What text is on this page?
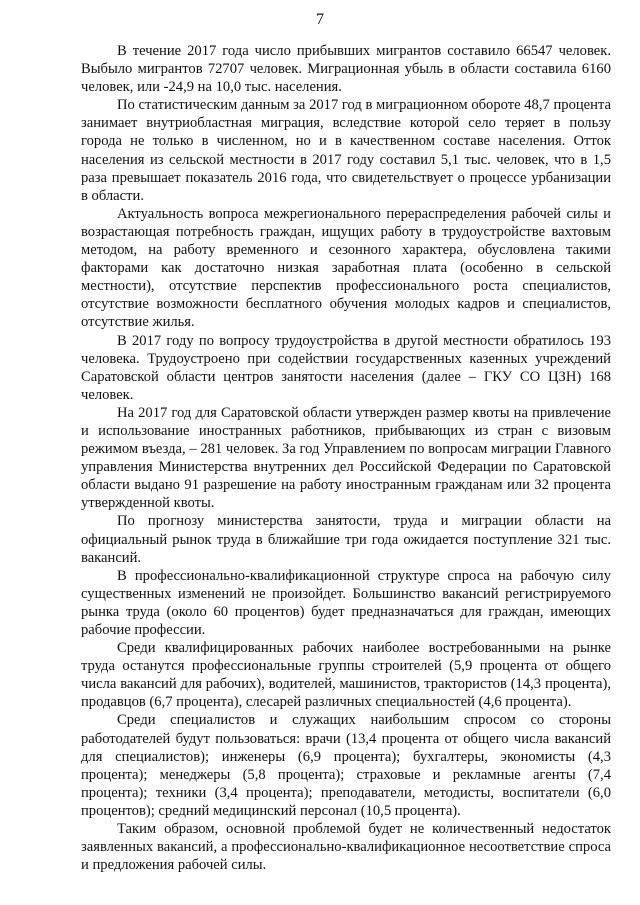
7

В течение 2017 года число прибывших мигрантов составило 66547 человек. Выбыло мигрантов 72707 человек. Миграционная убыль в области составила 6160 человек, или -24,9 на 10,0 тыс. населения.

По статистическим данным за 2017 год в миграционном обороте 48,7 процента занимает внутриобластная миграция, вследствие которой село теряет в пользу города не только в численном, но и в качественном составе населения. Отток населения из сельской местности в 2017 году составил 5,1 тыс. человек, что в 1,5 раза превышает показатель 2016 года, что свидетельствует о процессе урбанизации в области.

Актуальность вопроса межрегионального перераспределения рабочей силы и возрастающая потребность граждан, ищущих работу в трудоустройстве вахтовым методом, на работу временного и сезонного характера, обусловлена такими факторами как достаточно низкая заработная плата (особенно в сельской местности), отсутствие перспектив профессионального роста специалистов, отсутствие возможности бесплатного обучения молодых кадров и специалистов, отсутствие жилья.

В 2017 году по вопросу трудоустройства в другой местности обратилось 193 человека. Трудоустроено при содействии государственных казенных учреждений Саратовской области центров занятости населения (далее – ГКУ СО ЦЗН) 168 человек.

На 2017 год для Саратовской области утвержден размер квоты на привлечение и использование иностранных работников, прибывающих из стран с визовым режимом въезда, – 281 человек. За год Управлением по вопросам миграции Главного управления Министерства внутренних дел Российской Федерации по Саратовской области выдано 91 разрешение на работу иностранным гражданам или 32 процента утвержденной квоты.

По прогнозу министерства занятости, труда и миграции области на официальный рынок труда в ближайшие три года ожидается поступление 321 тыс. вакансий.

В профессионально-квалификационной структуре спроса на рабочую силу существенных изменений не произойдет. Большинство вакансий регистрируемого рынка труда (около 60 процентов) будет предназначаться для граждан, имеющих рабочие профессии.

Среди квалифицированных рабочих наиболее востребованными на рынке труда останутся профессиональные группы строителей (5,9 процента от общего числа вакансий для рабочих), водителей, машинистов, трактористов (14,3 процента), продавцов (6,7 процента), слесарей различных специальностей (4,6 процента).

Среди специалистов и служащих наибольшим спросом со стороны работодателей будут пользоваться: врачи (13,4 процента от общего числа вакансий для специалистов); инженеры (6,9 процента); бухгалтеры, экономисты (4,3 процента); менеджеры (5,8 процента); страховые и рекламные агенты (7,4 процента); техники (3,4 процента); преподаватели, методисты, воспитатели (6,0 процентов); средний медицинский персонал (10,5 процента).

Таким образом, основной проблемой будет не количественный недостаток заявленных вакансий, а профессионально-квалификационное несоответствие спроса и предложения рабочей силы.
